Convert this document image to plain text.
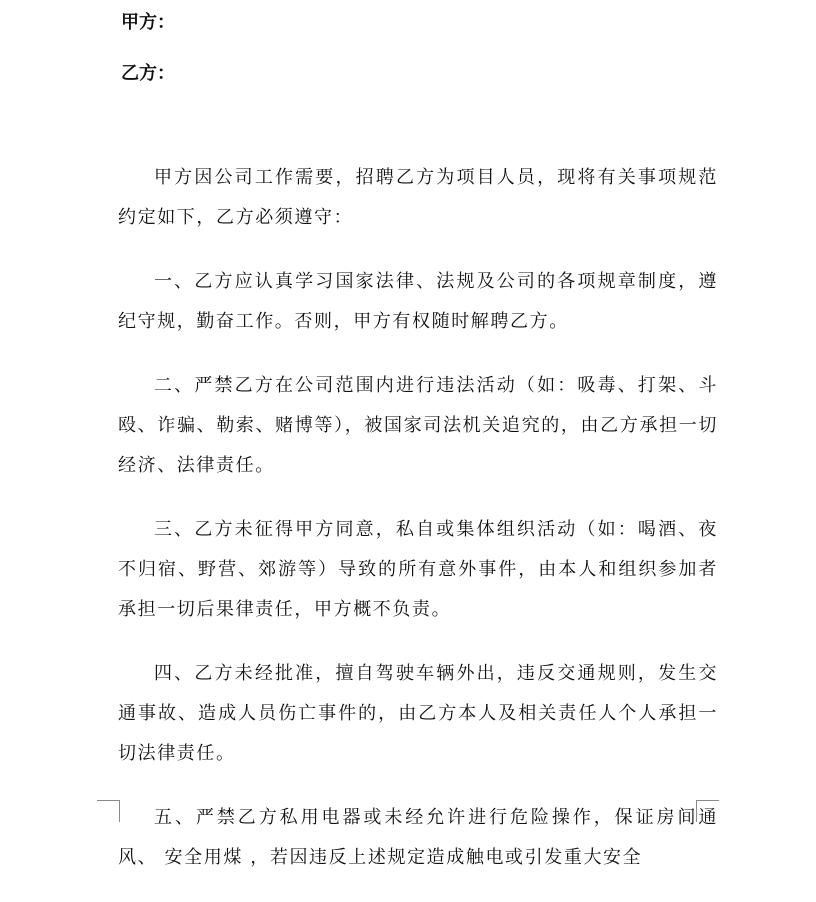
甲方：
乙方：

甲方因公司工作需要，招聘乙方为项目人员，现将有关事项规范约定如下，乙方必须遵守：

一、乙方应认真学习国家法律、法规及公司的各项规章制度，遵纪守规，勤奋工作。否则，甲方有权随时解聘乙方。

二、严禁乙方在公司范围内进行违法活动（如：吸毒、打架、斗殴、诈骗、勒索、赌博等），被国家司法机关追究的，由乙方承担一切经济、法律责任。

三、乙方未征得甲方同意，私自或集体组织活动（如：喝酒、夜不归宿、野营、郊游等）导致的所有意外事件，由本人和组织参加者承担一切后果律责任，甲方概不负责。

四、乙方未经批准，擅自驾驶车辆外出，违反交通规则，发生交通事故、造成人员伤亡事件的，由乙方本人及相关责任人个人承担一切法律责任。

五、严禁乙方私用电器或未经允许进行危险操作，保证房间通风、 安全用煤 ，若因违反上述规定造成触电或引发重大安全
